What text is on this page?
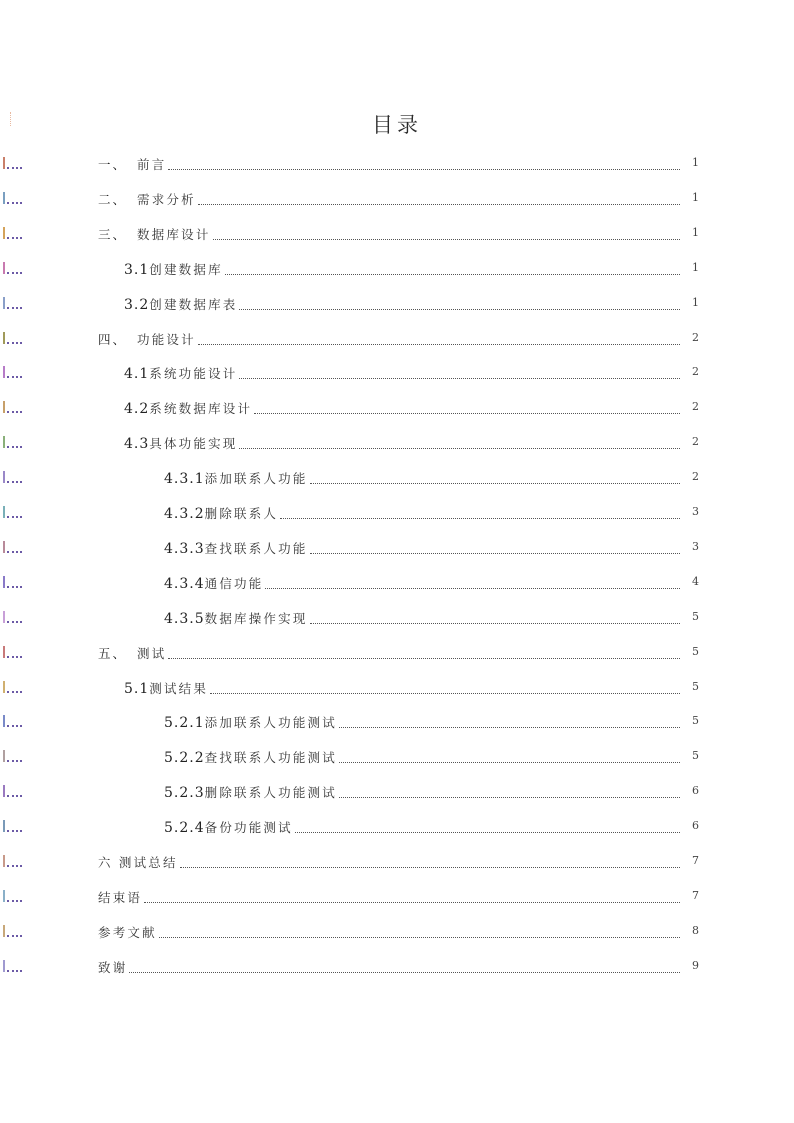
目录
一、 前言	1
二、 需求分析	1
三、 数据库设计	1
3.1创建数据库	1
3.2创建数据库表	1
四、 功能设计	2
4.1系统功能设计	2
4.2系统数据库设计	2
4.3具体功能实现	2
4.3.1添加联系人功能	2
4.3.2删除联系人	3
4.3.3查找联系人功能	3
4.3.4通信功能	4
4.3.5数据库操作实现	5
五、 测试	5
5.1测试结果	5
5.2.1添加联系人功能测试	5
5.2.2查找联系人功能测试	5
5.2.3删除联系人功能测试	6
5.2.4备份功能测试	6
六 测试总结	7
结束语	7
参考文献	8
致谢	9
